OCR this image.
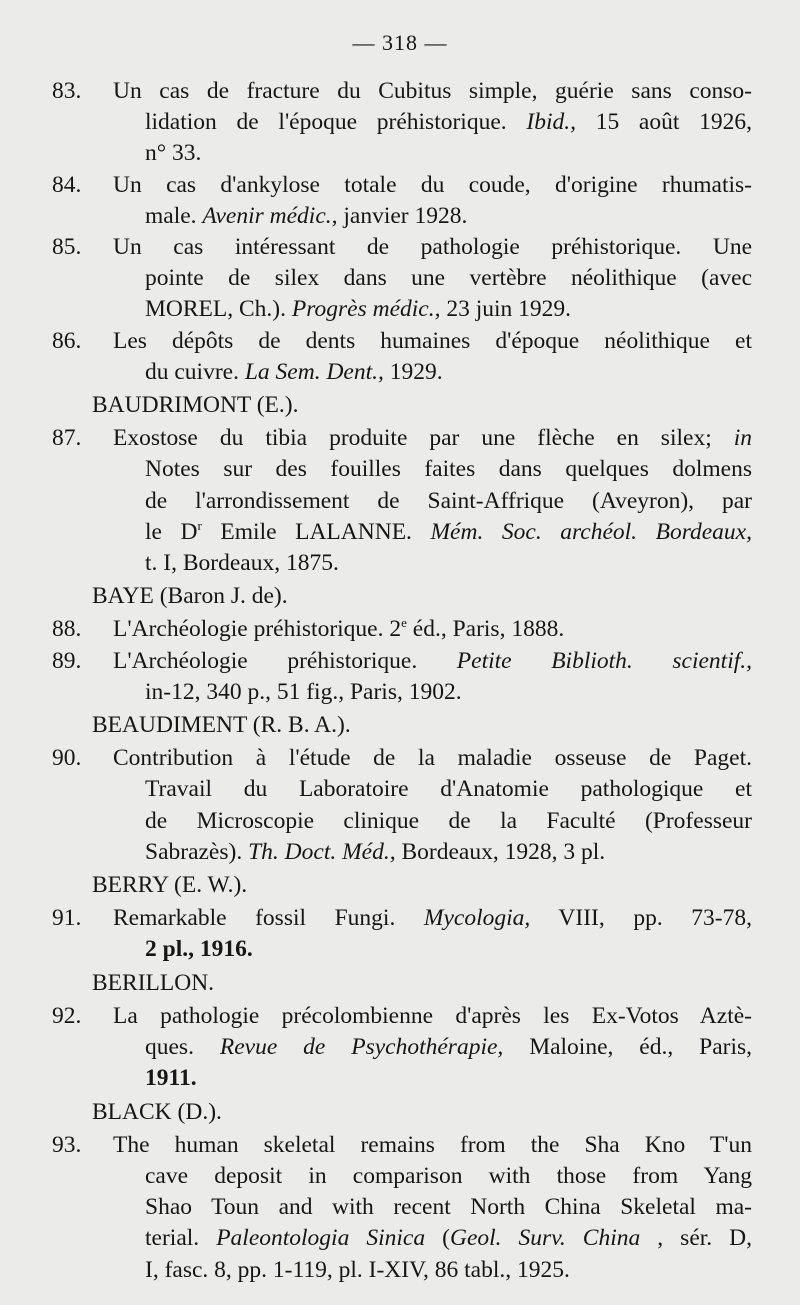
— 318 —
83.	Un cas de fracture du Cubitus simple, guérie sans conso-
lidation de l'époque préhistorique. Ibid., 15 août 1926,
n° 33.
84.	Un cas d'ankylose totale du coude, d'origine rhumatis-
male. Avenir médic., janvier 1928.
85.	Un cas intéressant de pathologie préhistorique. Une
pointe de silex dans une vertèbre néolithique (avec
MOREL, Ch.). Progrès médic., 23 juin 1929.
86.	Les dépôts de dents humaines d'époque néolithique et
du cuivre. La Sem. Dent., 1929.
BAUDRIMONT (E.).
87.	Exostose du tibia produite par une flèche en silex; in
Notes sur des fouilles faites dans quelques dolmens
de l'arrondissement de Saint-Affrique (Aveyron), par
le $D^r$ Emile LALANNE. Mém. Soc. archéol. Bordeaux,
t. I, Bordeaux, 1875.
BAYE (Baron J. de).
88.	L'Archéologie préhistorique. 2e éd., Paris, 1888.
89.	L'Archéologie préhistorique. Petite Biblioth. scientif.,
in-12, 340 p., 51 fig., Paris, 1902.
BEAUDIMENT (R. B. A.).
90.	Contribution à l'étude de la maladie osseuse de Paget.
Travail du Laboratoire d'Anatomie pathologique et
de Microscopie clinique de la Faculté (Professeur
Sabrazès). Th. Doct. Méd., Bordeaux, 1928, 3 pl.
BERRY (E. W.).
91.	Remarkable fossil Fungi. Mycologia, VIII, pp. 73-78,
2 pl., 1916.
BERILLON.
92.	La pathologie précolombienne d'après les Ex-Votos Aztè-
ques. Revue de Psychothérapie, Maloine, éd., Paris,
1911.
BLACK (D.).
93.	The human skeletal remains from the Sha Kno T'un
cave deposit in comparison with those from Yang
Shao Toun and with recent North China Skeletal ma-
terial. Paleontologia Sinica (Geol. Surv. China , sér. D,
I, fasc. 8, pp. 1-119, pl. I-XIV, 86 tabl., 1925.
